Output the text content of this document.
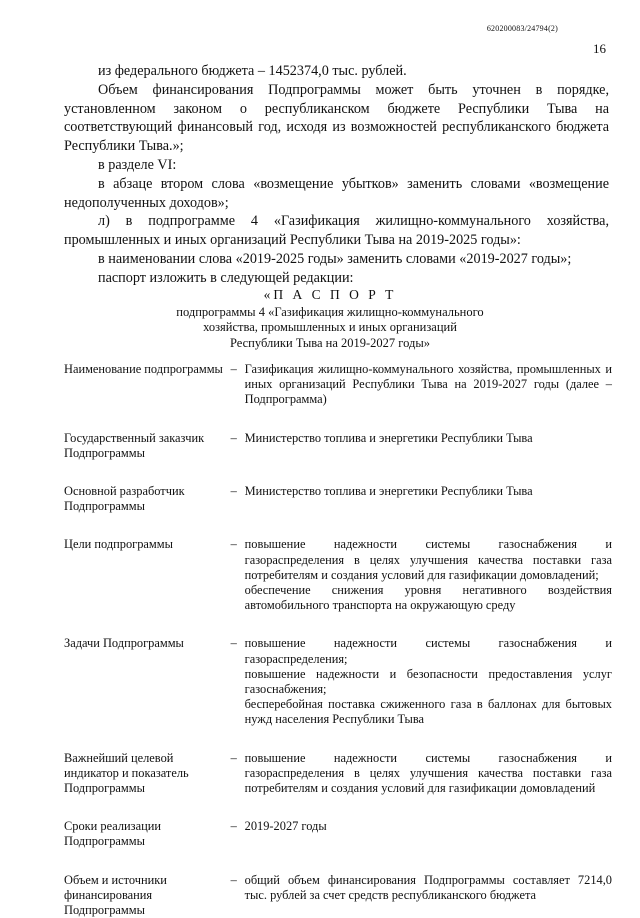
620200083/24794(2)
16

из федерального бюджета – 1452374,0 тыс. рублей.

Объем финансирования Подпрограммы может быть уточнен в порядке, установленном законом о республиканском бюджете Республики Тыва на соответствующий финансовый год, исходя из возможностей республиканского бюджета Республики Тыва.»;

в разделе VI:

в абзаце втором слова «возмещение убытков» заменить словами «возмещение недополученных доходов»;

л) в подпрограмме 4 «Газификация жилищно-коммунального хозяйства, промышленных и иных организаций Республики Тыва на 2019-2025 годы»:

в наименовании слова «2019-2025 годы» заменить словами «2019-2027 годы»;

паспорт изложить в следующей редакции:

«П А С П О Р Т
подпрограммы 4 «Газификация жилищно-коммунального
хозяйства, промышленных и иных организаций
Республики Тыва на 2019-2027 годы»
Наименование подпрограммы	–	Газификация жилищно-коммунального хозяйства, промышленных и иных организаций Республики Тыва на 2019-2027 годы (далее – Подпрограмма)

Государственный заказчик Подпрограммы	–	Министерство топлива и энергетики Республики Тыва

Основной разработчик Подпрограммы	–	Министерство топлива и энергетики Республики Тыва

Цели подпрограммы	–	повышение надежности системы газоснабжения и газораспределения в целях улучшения качества поставки газа потребителям и создания условий для газификации домовладений;
обеспечение снижения уровня негативного воздействия автомобильного транспорта на окружающую среду

Задачи Подпрограммы	–	повышение надежности системы газоснабжения и газораспределения;
повышение надежности и безопасности предоставления услуг газоснабжения;
бесперебойная поставка сжиженного газа в баллонах для бытовых нужд населения Республики Тыва

Важнейший целевой индикатор и показатель Подпрограммы	–	повышение надежности системы газоснабжения и газораспределения в целях улучшения качества поставки газа потребителям и создания условий для газификации домовладений

Сроки реализации Подпрограммы	–	2019-2027 годы

Объем и источники финансирования Подпрограммы	–	общий объем финансирования Подпрограммы составляет 7214,0 тыс. рублей за счет средств республиканского бюджета
